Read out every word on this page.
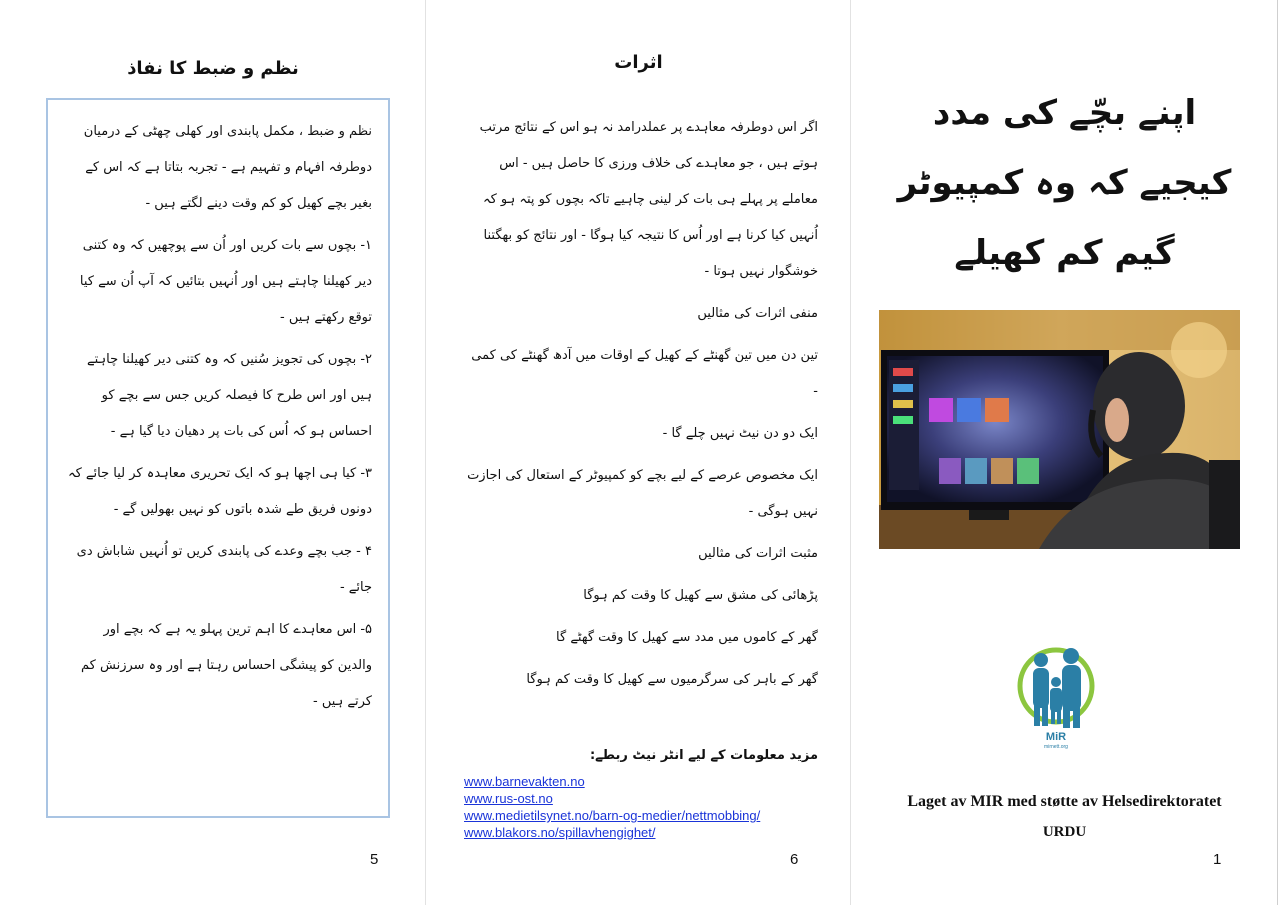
نظم و ضبط کا نفاذ

نظم و ضبط ، مکمل پابندی اور کھلی چھٹی کے درمیان دوطرفہ افہام و تفہیم ہے - تجربہ بتاتا ہے کہ اس کے بغیر بچے کھیل کو کم وقت دینے لگتے ہیں -

۱- بچوں سے بات کریں اور اُن سے پوچھیں کہ وہ کتنی دیر کھیلنا چاہتے ہیں اور اُنہیں بتائیں کہ آپ اُن سے کیا توقع رکھتے ہیں -

۲- بچوں کی تجویز سُنیں کہ وہ کتنی دیر کھیلنا چاہتے ہیں اور اس طرح کا فیصلہ کریں جس سے بچے کو احساس ہو کہ اُس کی بات پر دھیان دیا گیا ہے -

۳- کیا ہی اچھا ہو کہ ایک تحریری معاہدہ کر لیا جائے کہ دونوں فریق طے شدہ باتوں کو نہیں بھولیں گے -

۴ - جب بچے وعدے کی پابندی کریں تو اُنہیں شاباش دی جائے -

۵- اس معاہدے کا اہم ترین پہلو یہ ہے کہ بچے اور والدین کو پیشگی احساس رہتا ہے اور وہ سرزنش کم کرتے ہیں -

5
اثرات

اگر اس دوطرفہ معاہدے پر عملدرامد نہ ہو اس کے نتائج مرتب ہوتے ہیں ، جو معاہدے کی خلاف ورزی کا حاصل ہیں - اس معاملے پر پہلے ہی بات کر لینی چاہیے تاکہ بچوں کو پتہ ہو کہ اُنہیں کیا کرنا ہے اور اُس کا نتیجہ کیا ہوگا - اور نتائج کو بھگتنا خوشگوار نہیں ہوتا -

منفی اثرات کی مثالیں

تین دن میں تین گھنٹے کے کھیل کے اوقات میں آدھ گھنٹے کی کمی -

ایک دو دن نیٹ نہیں چلے گا -

ایک مخصوص عرصے کے لیے بچے کو کمپیوٹر کے استعال کی اجازت نہیں ہوگی -

مثبت اثرات کی مثالیں

پڑھائی کی مشق سے کھیل کا وقت کم ہوگا

گھر کے کاموں میں مدد سے کھیل کا وقت گھٹے گا

گھر کے باہر کی سرگرمیوں سے کھیل کا وقت کم ہوگا

مزید معلومات کے لیے انٹر نیٹ ربطے:
www.barnevakten.no
www.rus-ost.no
www.medietilsynet.no/barn-og-medier/nettmobbing/
www.blakors.no/spillavhengighet/
6
اپنے بچّے کی مدد
کیجیے کہ وہ کمپیوٹر
گیم کم کھیلے
MiR
mirnett.org
Laget av MIR med støtte av Helsedirektoratet
URDU
1
